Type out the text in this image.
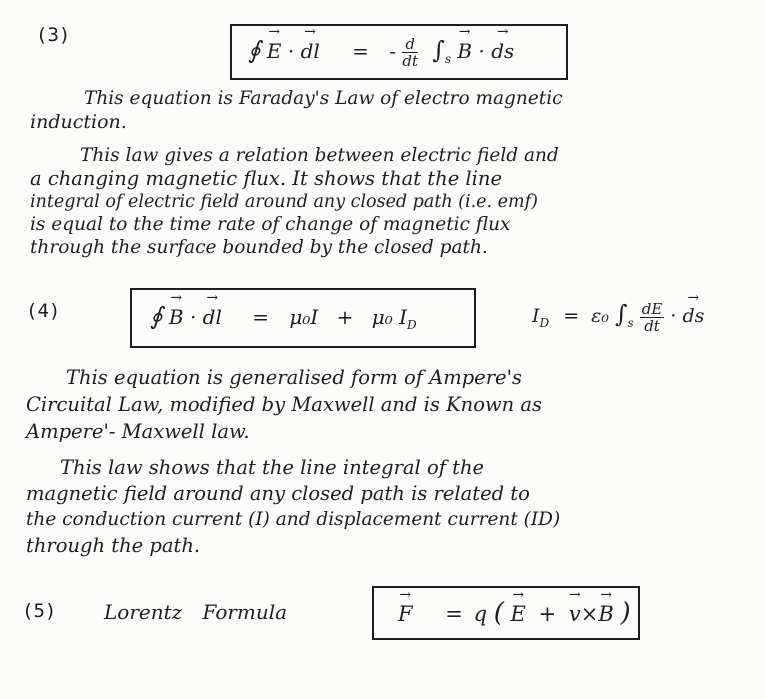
(3)
∮ → E · → dl = - $\frac{d}{dt} \int_s \to B$ · → ds
This equation is Faraday's Law of electro magnetic
induction.
This law gives a relation between electric field and
a changing magnetic flux. It shows that the line
integral of electric field around any closed path (i.e. emf)
is equal to the time rate of change of magnetic flux
through the surface bounded by the closed path.
(4)	∮ → B · → dl = μ₀I + μ₀ $I_D$	$I_D = \varepsilon_0$ $\int_s \frac{dE}{dt}$ · → ds
This equation is generalised form of Ampere's
Circuital Law, modified by Maxwell and is Known as
Ampere'- Maxwell law.
This law shows that the line integral of the
magnetic field around any closed path is related to
the conduction current (I) and displacement current (ID)
through the path.
(5) Lorentz Formula	→ F = q ( → E + → v×→ B )
